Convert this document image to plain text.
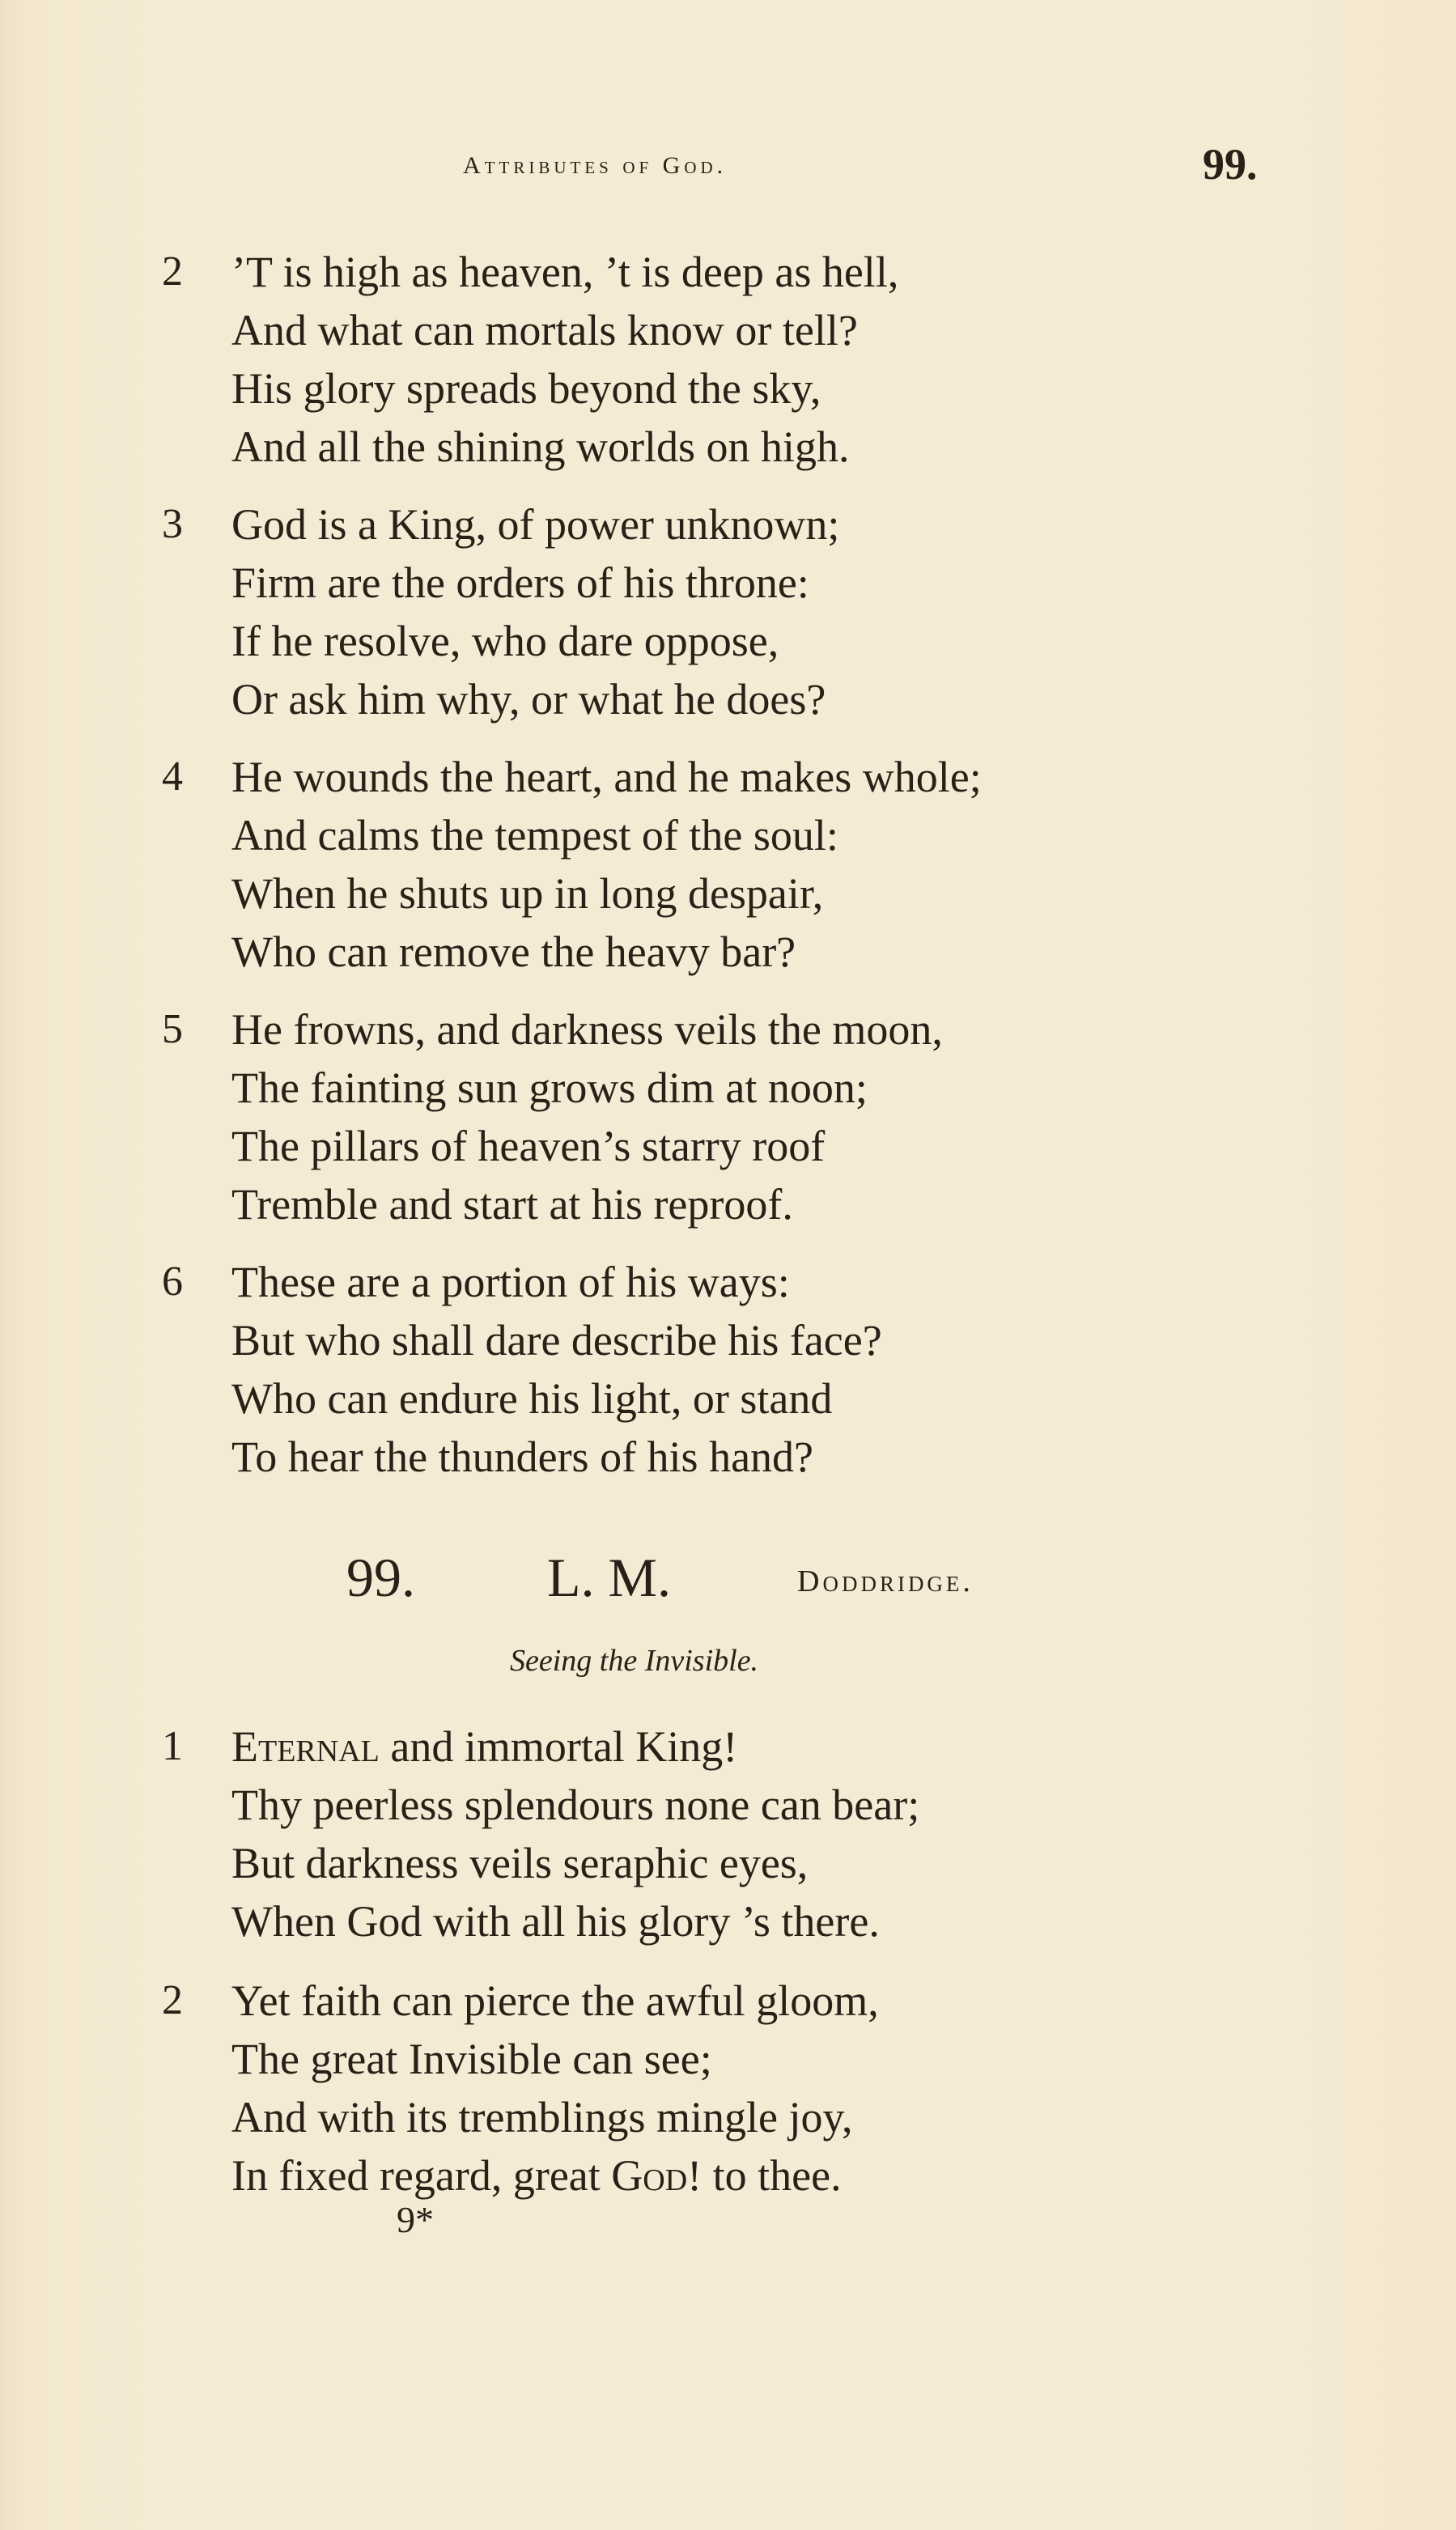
Attributes of God.	99.
2	’T is high as heaven, ’t is deep as hell,
And what can mortals know or tell?
His glory spreads beyond the sky,
And all the shining worlds on high.
3	God is a King, of power unknown;
Firm are the orders of his throne:
If he resolve, who dare oppose,
Or ask him why, or what he does?
4	He wounds the heart, and he makes whole;
And calms the tempest of the soul:
When he shuts up in long despair,
Who can remove the heavy bar?
5	He frowns, and darkness veils the moon,
The fainting sun grows dim at noon;
The pillars of heaven’s starry roof
Tremble and start at his reproof.
6	These are a portion of his ways:
But who shall dare describe his face?
Who can endure his light, or stand
To hear the thunders of his hand?
99. L. M.	Doddridge.
Seeing the Invisible.
1	Eternal and immortal King!
Thy peerless splendours none can bear;
But darkness veils seraphic eyes,
When God with all his glory ’s there.
2	Yet faith can pierce the awful gloom,
The great Invisible can see;
And with its tremblings mingle joy,
In fixed regard, great God! to thee.
9*
